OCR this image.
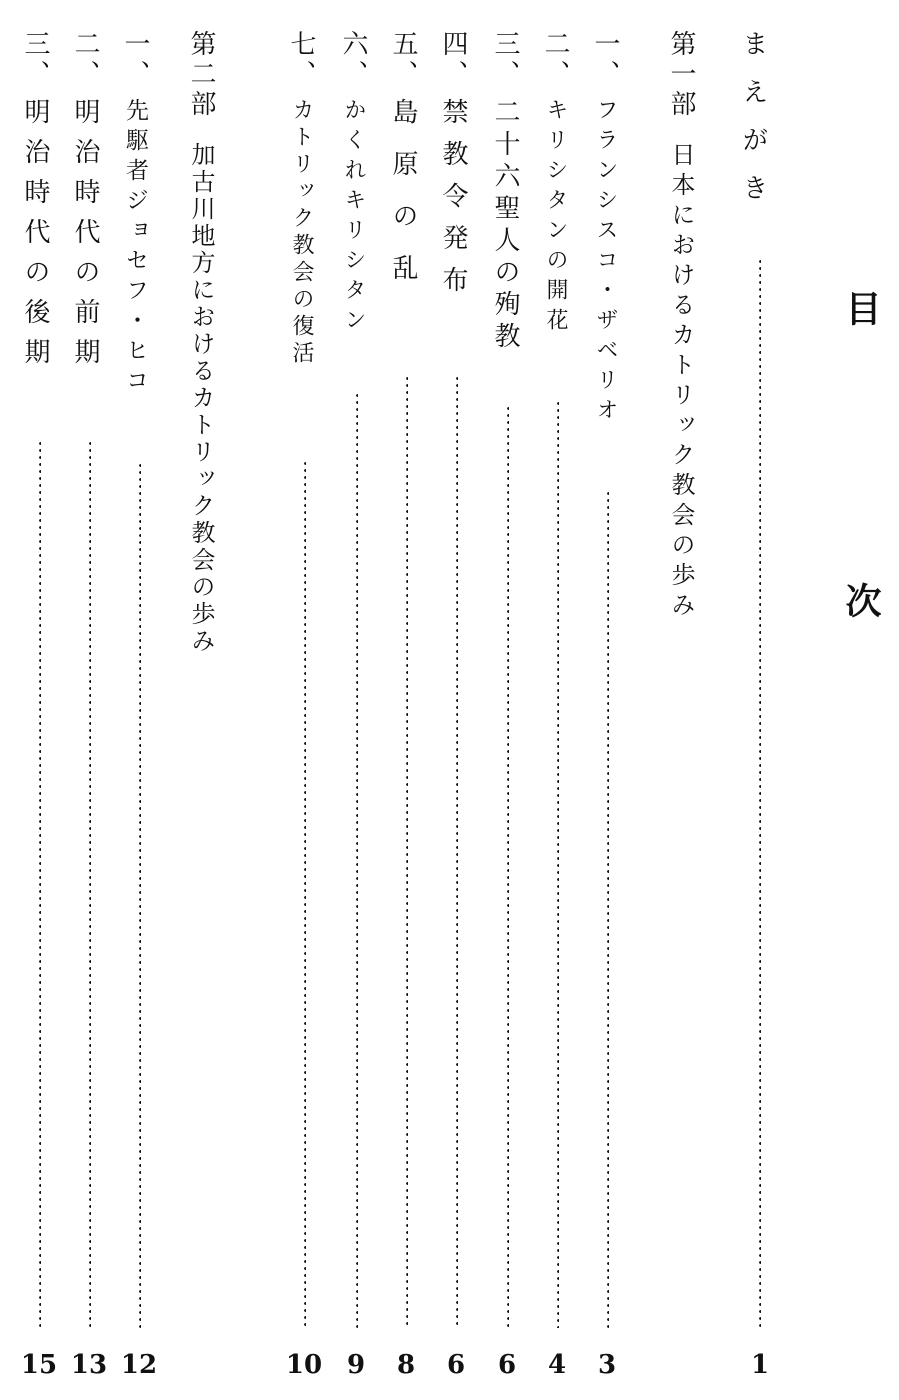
目　次
まえがき
1
第一部日本におけるカトリック教会の歩み
一、フランシスコ・ザベリオ
3
二、キリシタンの開花
4
三、二十六聖人の殉教
6
四、禁教令発布
6
五、島原の乱
8
六、かくれキリシタン
9
七、カトリック教会の復活
10
第二部加古川地方におけるカトリック教会の歩み
一、先駆者ジョセフ・ヒコ
12
二、明治時代の前期
13
三、明治時代の後期
15
